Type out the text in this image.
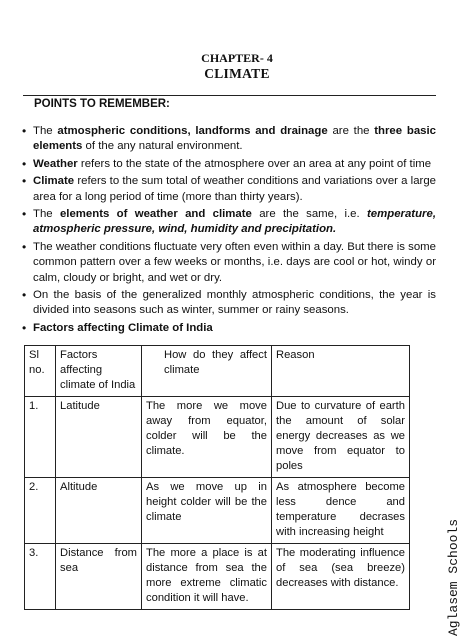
CHAPTER- 4
CLIMATE
POINTS TO REMEMBER:
• The atmospheric conditions, landforms and drainage are the three basic elements of the any natural environment.
• Weather refers to the state of the atmosphere over an area at any point of time
• Climate refers to the sum total of weather conditions and variations over a large area for a long period of time (more than thirty years).
• The elements of weather and climate are the same, i.e. temperature, atmospheric pressure, wind, humidity and precipitation.
• The weather conditions fluctuate very often even within a day. But there is some common pattern over a few weeks or months, i.e. days are cool or hot, windy or calm, cloudy or bright, and wet or dry.
• On the basis of the generalized monthly atmospheric conditions, the year is divided into seasons such as winter, summer or rainy seasons.
• Factors affecting Climate of India
Sl no.	Factors affecting climate of India	How do they affect climate	Reason
1.	Latitude	The more we move away from equator, colder will be the climate.	Due to curvature of earth the amount of solar energy decreases as we move from equator to poles
2.	Altitude	As we move up in height colder will be the climate	As atmosphere become less dence and temperature decrases with increasing height
3.	Distance from sea	The more a place is at distance from sea the more extreme climatic condition it will have.	The moderating influence of sea (sea breeze) decreases with distance.	Aglasem Schools
